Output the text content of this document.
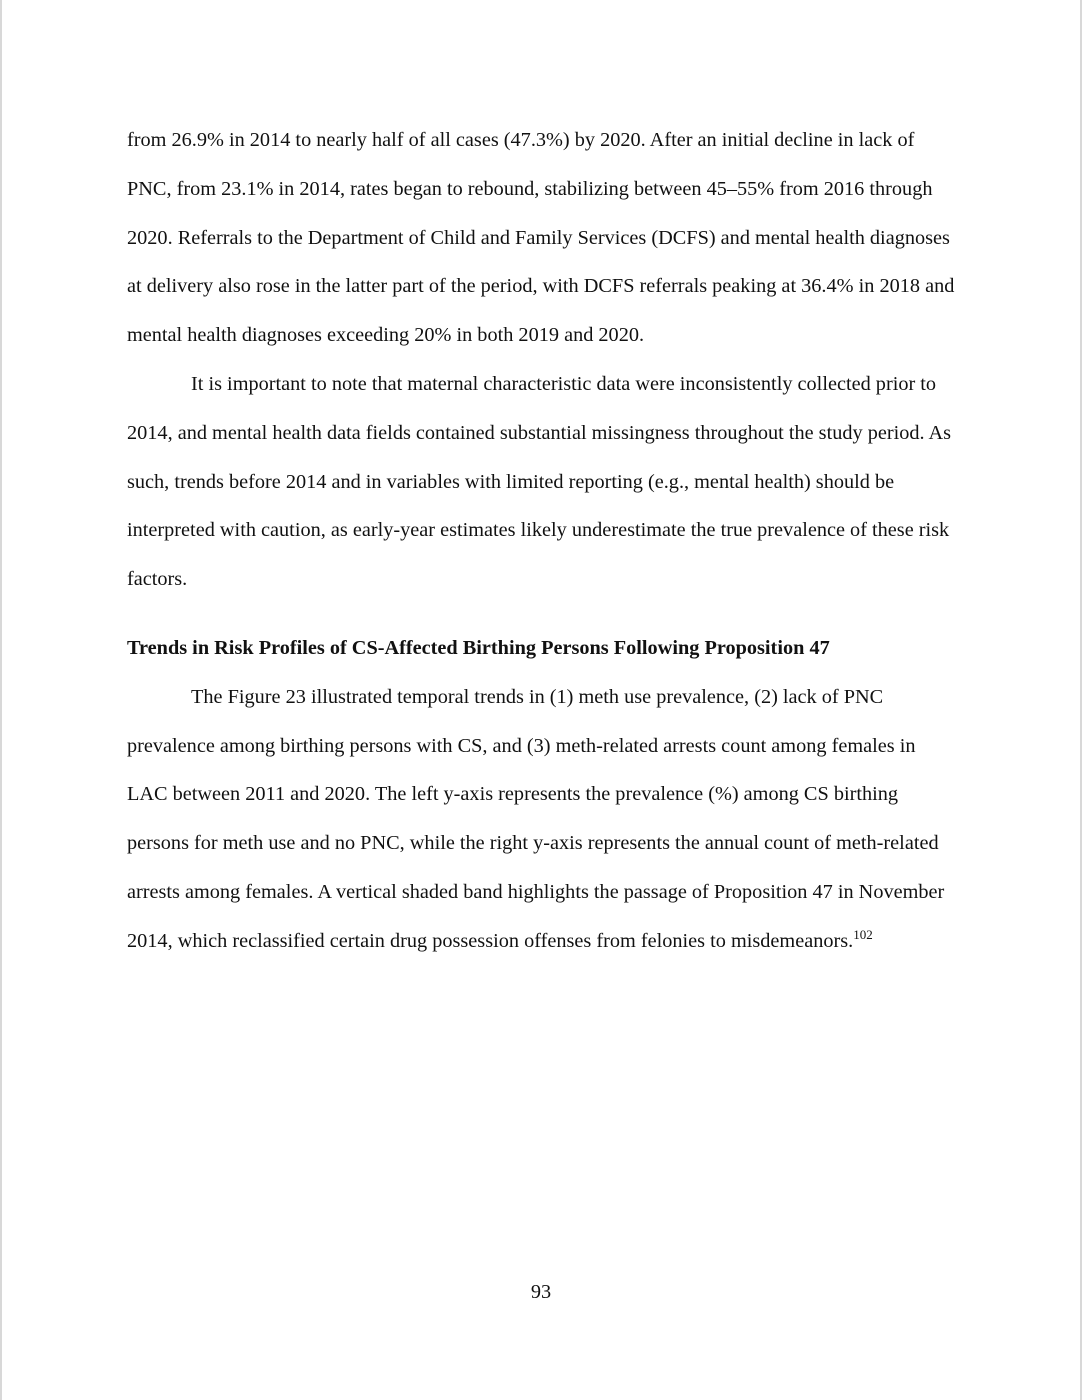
from 26.9% in 2014 to nearly half of all cases (47.3%) by 2020. After an initial decline in lack of PNC, from 23.1% in 2014, rates began to rebound, stabilizing between 45–55% from 2016 through 2020. Referrals to the Department of Child and Family Services (DCFS) and mental health diagnoses at delivery also rose in the latter part of the period, with DCFS referrals peaking at 36.4% in 2018 and mental health diagnoses exceeding 20% in both 2019 and 2020.

It is important to note that maternal characteristic data were inconsistently collected prior to 2014, and mental health data fields contained substantial missingness throughout the study period. As such, trends before 2014 and in variables with limited reporting (e.g., mental health) should be interpreted with caution, as early-year estimates likely underestimate the true prevalence of these risk factors.

Trends in Risk Profiles of CS-Affected Birthing Persons Following Proposition 47

The Figure 23 illustrated temporal trends in (1) meth use prevalence, (2) lack of PNC prevalence among birthing persons with CS, and (3) meth-related arrests count among females in LAC between 2011 and 2020. The left y-axis represents the prevalence (%) among CS birthing persons for meth use and no PNC, while the right y-axis represents the annual count of meth-related arrests among females. A vertical shaded band highlights the passage of Proposition 47 in November 2014, which reclassified certain drug possession offenses from felonies to misdemeanors.$^{102}$

93
